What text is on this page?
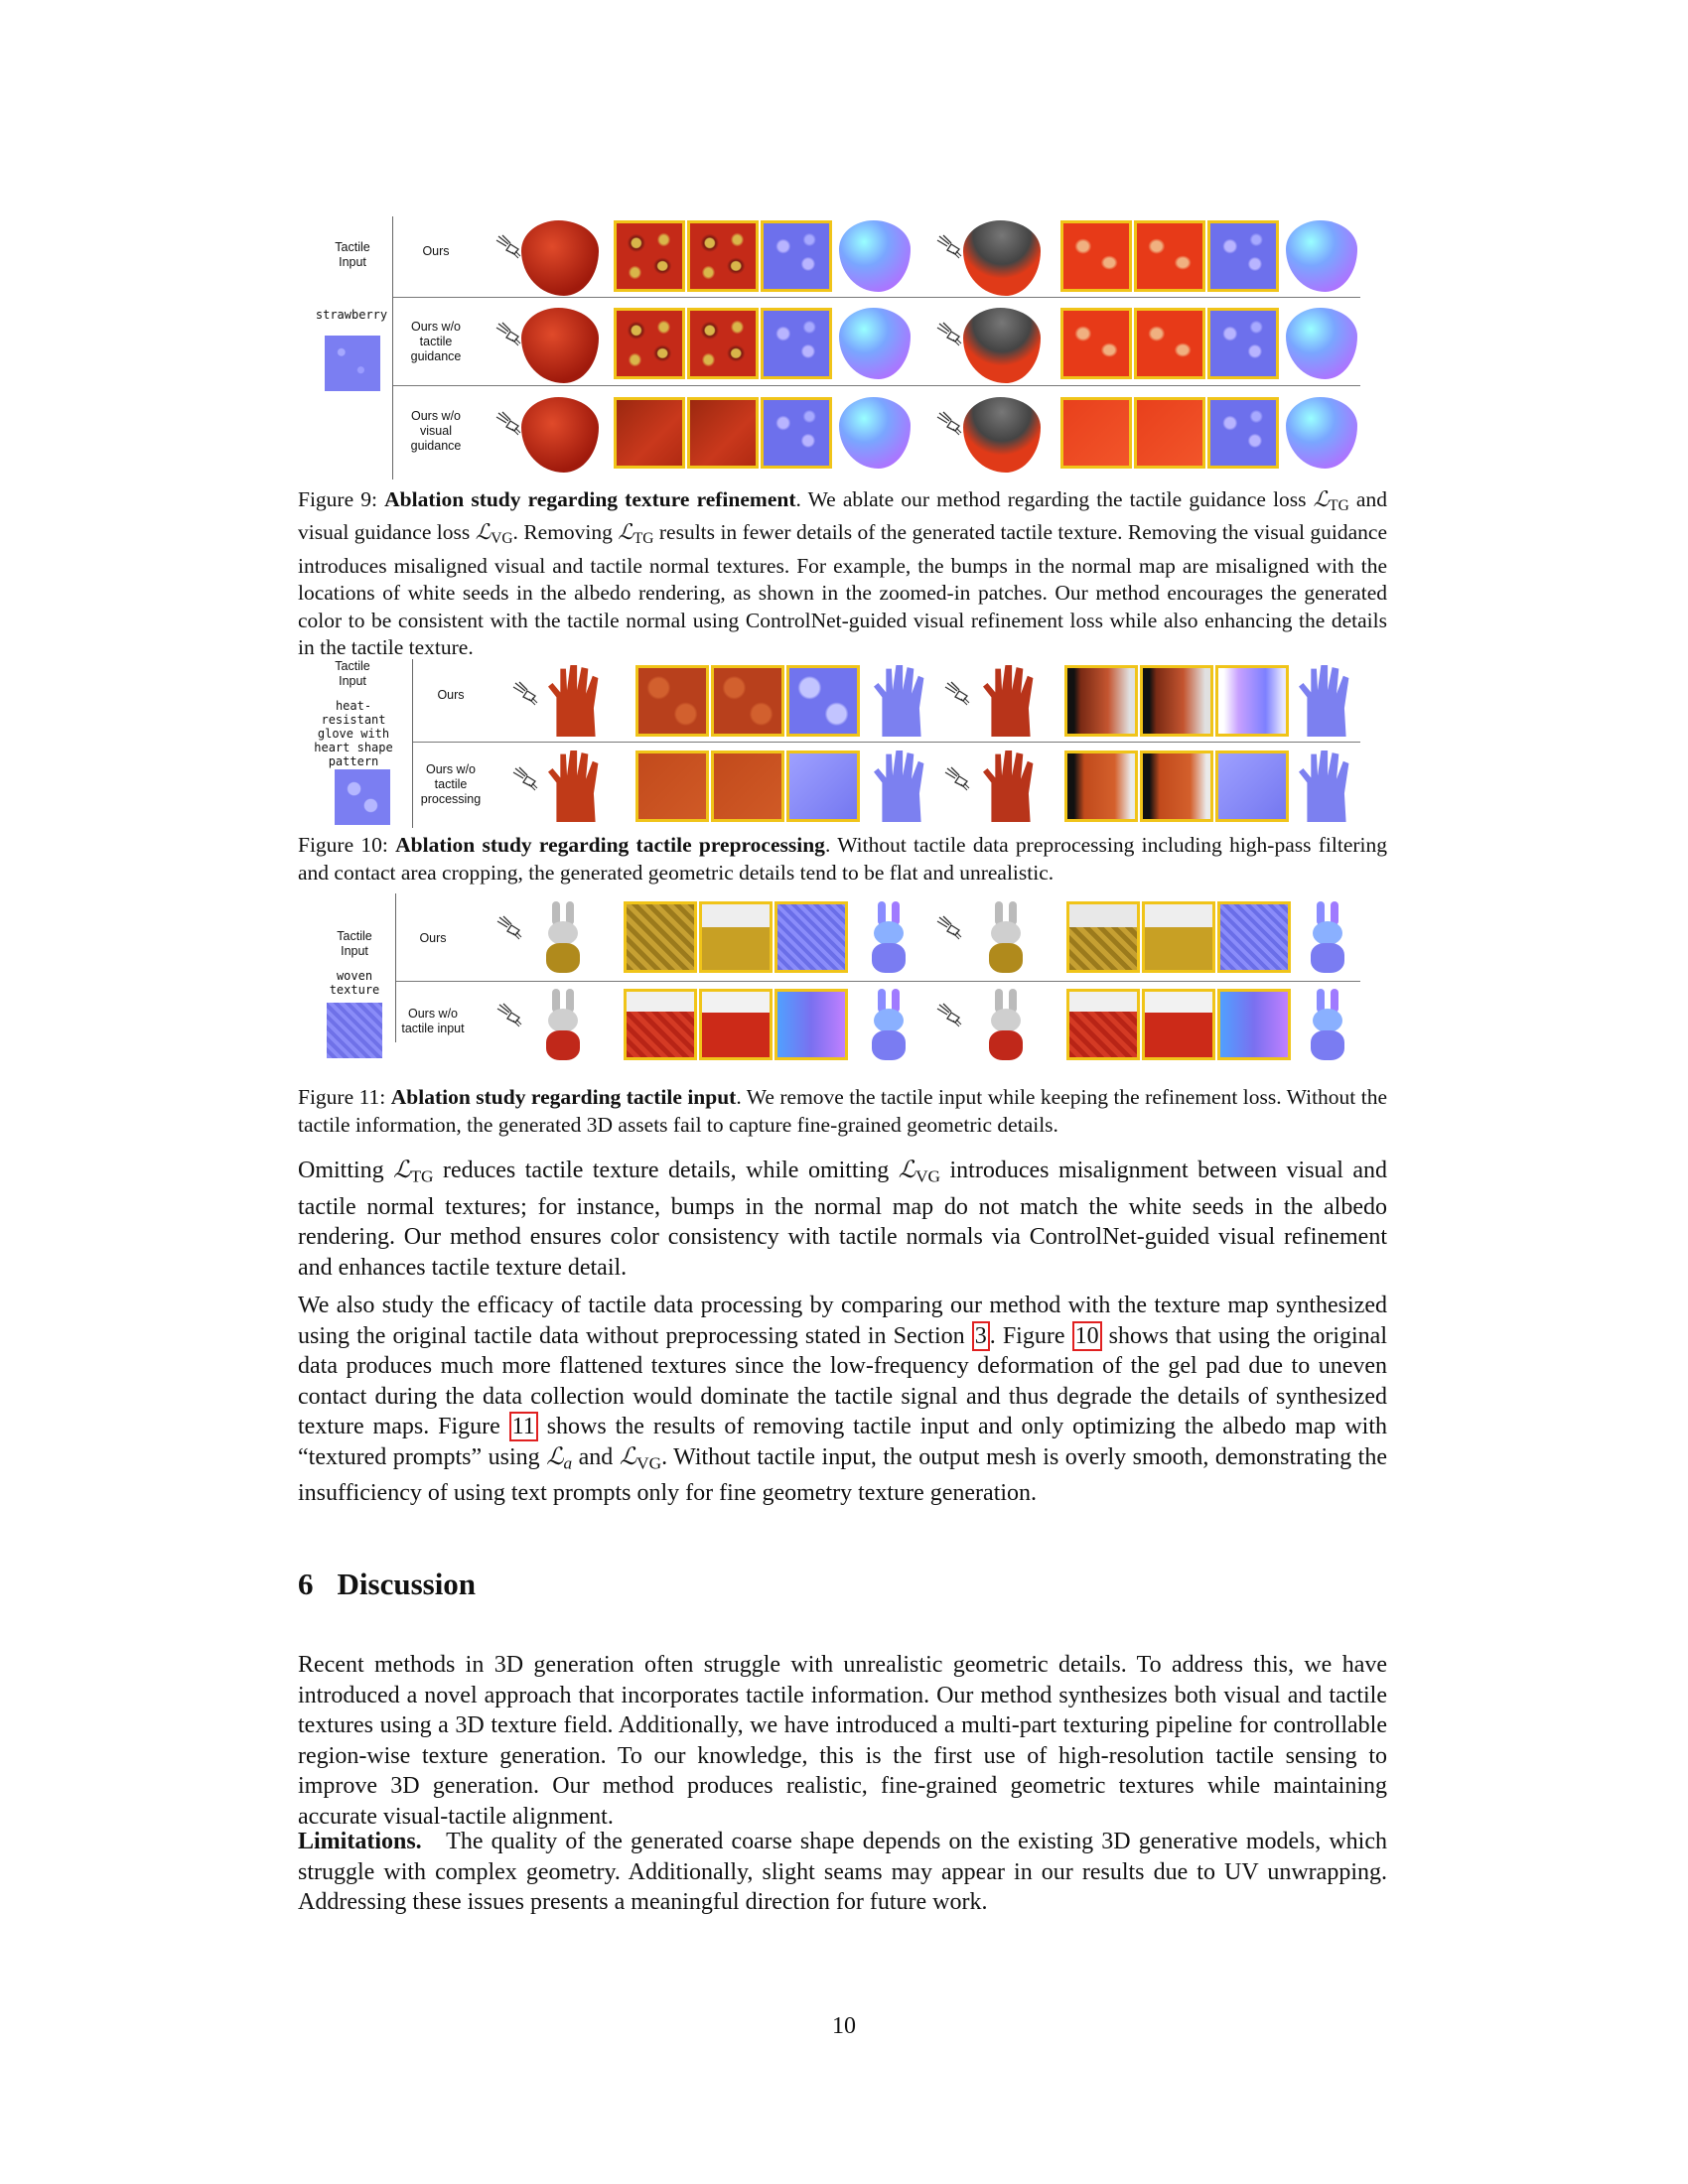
Tactile
Input
strawberry
Ours
Ours w/o
tactile
guidance
Ours w/o
visual
guidance
Figure 9: Ablation study regarding texture refinement. We ablate our method regarding the tactile guidance loss ℒ$_{TG}$ and visual guidance loss ℒ$_{VG}$. Removing ℒ$_{TG}$ results in fewer details of the generated tactile texture. Removing the visual guidance introduces misaligned visual and tactile normal textures. For example, the bumps in the normal map are misaligned with the locations of white seeds in the albedo rendering, as shown in the zoomed-in patches. Our method encourages the generated color to be consistent with the tactile normal using ControlNet-guided visual refinement loss while also enhancing the details in the tactile texture.
Tactile
Input
heat-resistant
glove with
heart shape
pattern
Ours
Ours w/o
tactile
processing
Figure 10: Ablation study regarding tactile preprocessing. Without tactile data preprocessing including high-pass filtering and contact area cropping, the generated geometric details tend to be flat and unrealistic.
Tactile
Input
woven
texture
Ours
Ours w/o
tactile input
Figure 11: Ablation study regarding tactile input. We remove the tactile input while keeping the refinement loss. Without the tactile information, the generated 3D assets fail to capture fine-grained geometric details.
Omitting ℒ$_{TG}$ reduces tactile texture details, while omitting ℒ$_{VG}$ introduces misalignment between visual and tactile normal textures; for instance, bumps in the normal map do not match the white seeds in the albedo rendering. Our method ensures color consistency with tactile normals via ControlNet-guided visual refinement and enhances tactile texture detail.
We also study the efficacy of tactile data processing by comparing our method with the texture map synthesized using the original tactile data without preprocessing stated in Section 3 . Figure 10 shows that using the original data produces much more flattened textures since the low-frequency deformation of the gel pad due to uneven contact during the data collection would dominate the tactile signal and thus degrade the details of synthesized texture maps. Figure 11 shows the results of removing tactile input and only optimizing the albedo map with “textured prompts” using ℒ$_a$ and ℒ$_{VG}$. Without tactile input, the output mesh is overly smooth, demonstrating the insufficiency of using text prompts only for fine geometry texture generation.
6 Discussion
Recent methods in 3D generation often struggle with unrealistic geometric details. To address this, we have introduced a novel approach that incorporates tactile information. Our method synthesizes both visual and tactile textures using a 3D texture field. Additionally, we have introduced a multi-part texturing pipeline for controllable region-wise texture generation. To our knowledge, this is the first use of high-resolution tactile sensing to improve 3D generation. Our method produces realistic, fine-grained geometric textures while maintaining accurate visual-tactile alignment.
Limitations. The quality of the generated coarse shape depends on the existing 3D generative models, which struggle with complex geometry. Additionally, slight seams may appear in our results due to UV unwrapping. Addressing these issues presents a meaningful direction for future work.
10
